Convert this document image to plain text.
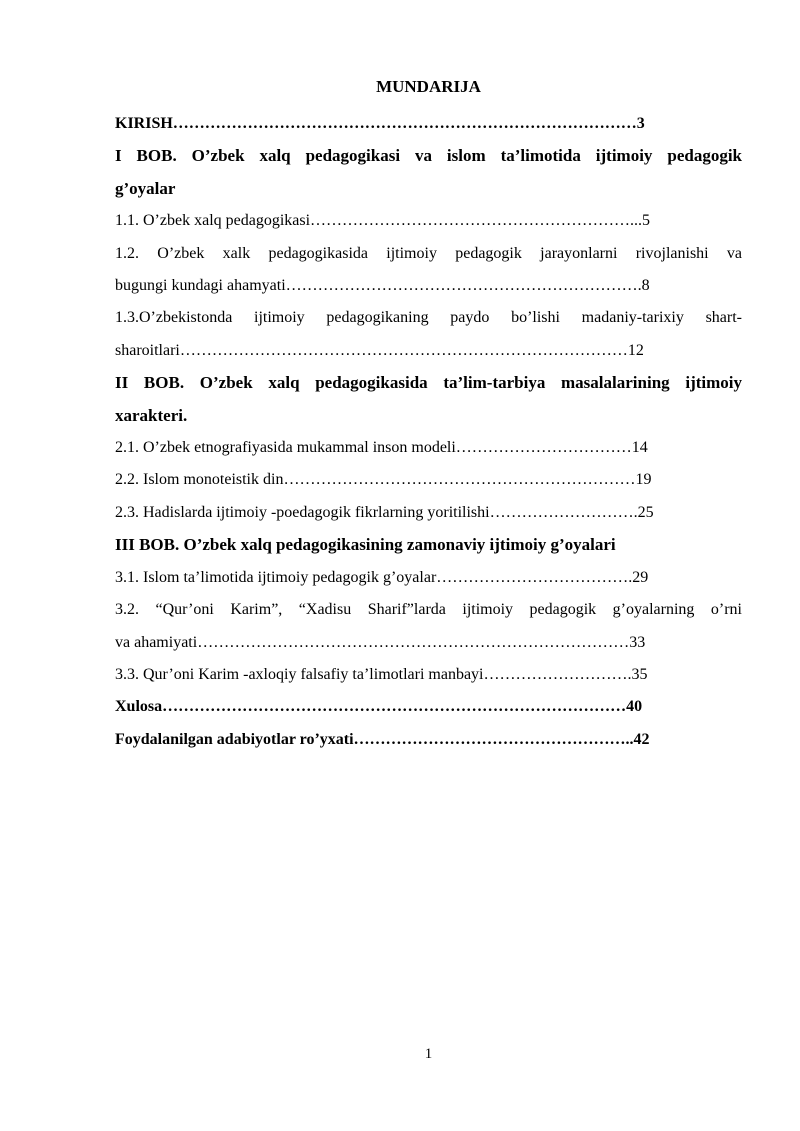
MUNDARIJA
KIRISH……………………………………………………………………………3
I BOB. O’zbek xalq pedagogikasi va islom ta’limotida ijtimoiy pedagogik
g’oyalar
1.1. O’zbek xalq pedagogikasi……………………………………………………...5
1.2. O’zbek xalk pedagogikasida ijtimoiy pedagogik jarayonlarni rivojlanishi va
bugungi kundagi ahamyati………………………………………………………….8
1.3.O’zbekistonda ijtimoiy pedagogikaning paydo bo’lishi madaniy-tarixiy shart-
sharoitlari…………………………………………………………………………12
II BOB. O’zbek xalq pedagogikasida ta’lim-tarbiya masalalarining ijtimoiy
xarakteri.
2.1. O’zbek etnografiyasida mukammal inson modeli……………………………14
2.2. Islom monoteistik din…………………………………………………………19
2.3. Hadislarda ijtimoiy -poedagogik fikrlarning yoritilishi……………………….25
III BOB. O’zbek xalq pedagogikasining zamonaviy ijtimoiy g’oyalari
3.1. Islom ta’limotida ijtimoiy pedagogik g’oyalar……………………………….29
3.2. “Qur’oni Karim”, “Xadisu Sharif”larda ijtimoiy pedagogik g’oyalarning o’rni
va ahamiyati………………………………………………………………………33
3.3. Qur’oni Karim -axloqiy falsafiy ta’limotlari manbayi……………………….35
Xulosa……………………………………………………………………………40
Foydalanilgan adabiyotlar ro’yxati……………………………………………..42
1
